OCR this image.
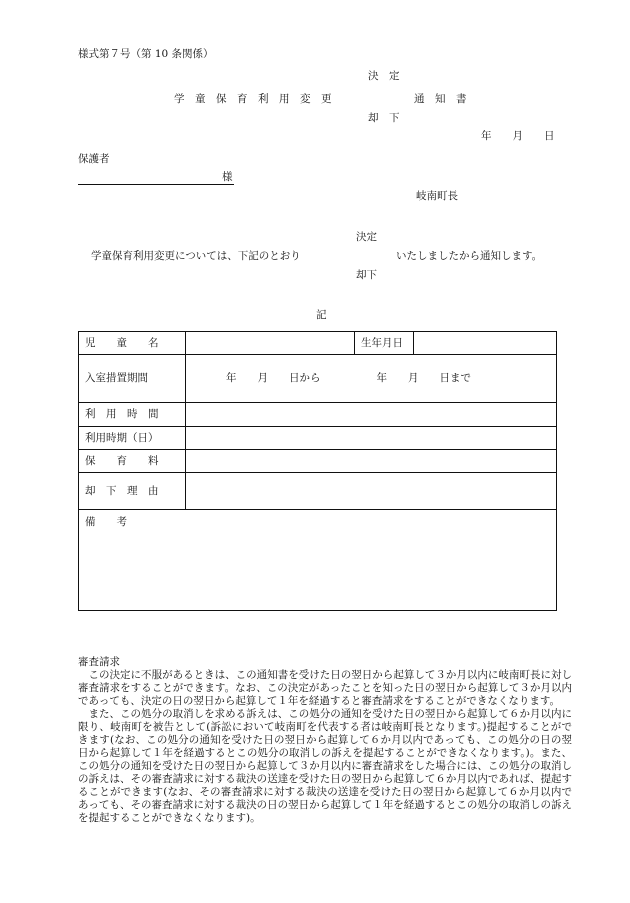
様式第７号（第 10 条関係）
決　定
学　童　保　育　利　用　変　更	通　知　書
却　下
年　　月　　日
保護者
様
岐南町長
決定
学童保育利用変更については、下記のとおり	いたしましたから通知します。
却下
記
児　　童　　名		生年月日	
入室措置期間	年　　月　　日から 年　　月　　日まで		
利　用　時　間			
利用時期（日）			
保　　育　　料			
却　下　理　由			
備　　考			
審査請求

この決定に不服があるときは、この通知書を受けた日の翌日から起算して３か月以内に岐南町長に対し審査請求をすることができます。なお、この決定があったことを知った日の翌日から起算して３か月以内であっても、決定の日の翌日から起算して１年を経過すると審査請求をすることができなくなります。

また、この処分の取消しを求める訴えは、この処分の通知を受けた日の翌日から起算して６か月以内に限り、岐南町を被告として(訴訟において岐南町を代表する者は岐南町長となります。)提起することができます(なお、この処分の通知を受けた日の翌日から起算して６か月以内であっても、この処分の日の翌日から起算して１年を経過するとこの処分の取消しの訴えを提起することができなくなります。)。また、この処分の通知を受けた日の翌日から起算して３か月以内に審査請求をした場合には、この処分の取消しの訴えは、その審査請求に対する裁決の送達を受けた日の翌日から起算して６か月以内であれば、提起することができます(なお、その審査請求に対する裁決の送達を受けた日の翌日から起算して６か月以内であっても、その審査請求に対する裁決の日の翌日から起算して１年を経過するとこの処分の取消しの訴えを提起することができなくなります)。
